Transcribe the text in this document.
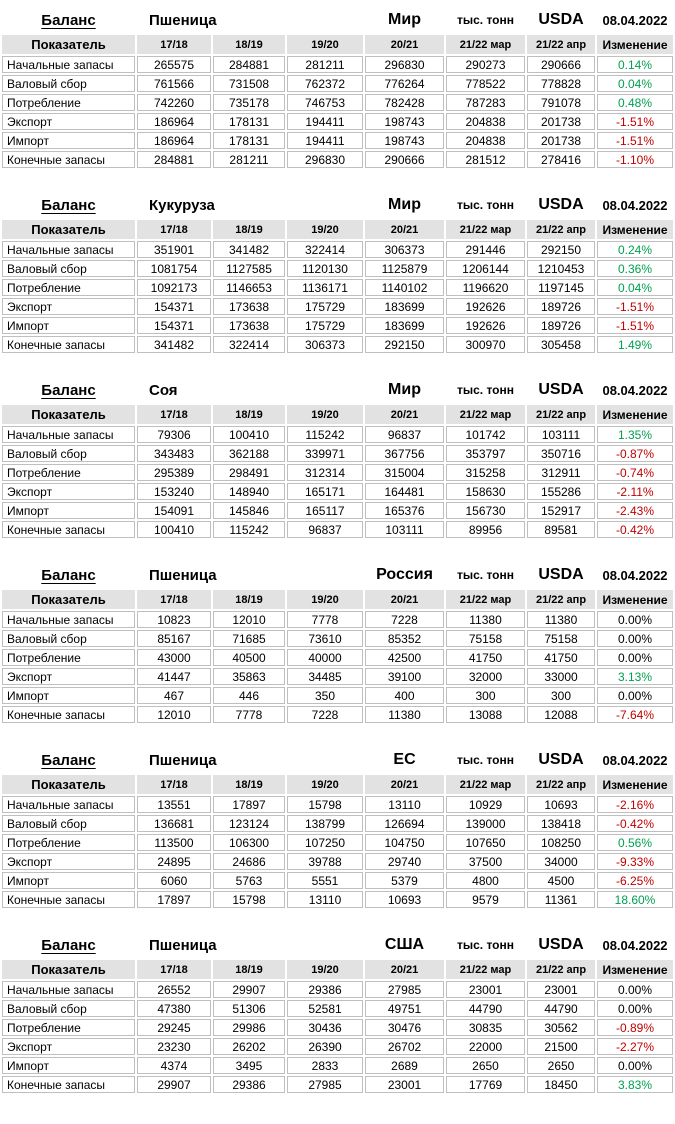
Баланс	Пшеница			Мир	тыс. тонн	USDA	08.04.2022
Показатель	17/18	18/19	19/20	20/21	21/22 мар	21/22 апр	Изменение
Начальные запасы	265575	284881	281211	296830	290273	290666	0.14%
Валовый сбор	761566	731508	762372	776264	778522	778828	0.04%
Потребление	742260	735178	746753	782428	787283	791078	0.48%
Экспорт	186964	178131	194411	198743	204838	201738	-1.51%
Импорт	186964	178131	194411	198743	204838	201738	-1.51%
Конечные запасы	284881	281211	296830	290666	281512	278416	-1.10%
Баланс	Кукуруза			Мир	тыс. тонн	USDA	08.04.2022
Показатель	17/18	18/19	19/20	20/21	21/22 мар	21/22 апр	Изменение
Начальные запасы	351901	341482	322414	306373	291446	292150	0.24%
Валовый сбор	1081754	1127585	1120130	1125879	1206144	1210453	0.36%
Потребление	1092173	1146653	1136171	1140102	1196620	1197145	0.04%
Экспорт	154371	173638	175729	183699	192626	189726	-1.51%
Импорт	154371	173638	175729	183699	192626	189726	-1.51%
Конечные запасы	341482	322414	306373	292150	300970	305458	1.49%
Баланс	Соя			Мир	тыс. тонн	USDA	08.04.2022
Показатель	17/18	18/19	19/20	20/21	21/22 мар	21/22 апр	Изменение
Начальные запасы	79306	100410	115242	96837	101742	103111	1.35%
Валовый сбор	343483	362188	339971	367756	353797	350716	-0.87%
Потребление	295389	298491	312314	315004	315258	312911	-0.74%
Экспорт	153240	148940	165171	164481	158630	155286	-2.11%
Импорт	154091	145846	165117	165376	156730	152917	-2.43%
Конечные запасы	100410	115242	96837	103111	89956	89581	-0.42%
Баланс	Пшеница			Россия	тыс. тонн	USDA	08.04.2022
Показатель	17/18	18/19	19/20	20/21	21/22 мар	21/22 апр	Изменение
Начальные запасы	10823	12010	7778	7228	11380	11380	0.00%
Валовый сбор	85167	71685	73610	85352	75158	75158	0.00%
Потребление	43000	40500	40000	42500	41750	41750	0.00%
Экспорт	41447	35863	34485	39100	32000	33000	3.13%
Импорт	467	446	350	400	300	300	0.00%
Конечные запасы	12010	7778	7228	11380	13088	12088	-7.64%
Баланс	Пшеница			ЕС	тыс. тонн	USDA	08.04.2022
Показатель	17/18	18/19	19/20	20/21	21/22 мар	21/22 апр	Изменение
Начальные запасы	13551	17897	15798	13110	10929	10693	-2.16%
Валовый сбор	136681	123124	138799	126694	139000	138418	-0.42%
Потребление	113500	106300	107250	104750	107650	108250	0.56%
Экспорт	24895	24686	39788	29740	37500	34000	-9.33%
Импорт	6060	5763	5551	5379	4800	4500	-6.25%
Конечные запасы	17897	15798	13110	10693	9579	11361	18.60%
Баланс	Пшеница			США	тыс. тонн	USDA	08.04.2022
Показатель	17/18	18/19	19/20	20/21	21/22 мар	21/22 апр	Изменение
Начальные запасы	26552	29907	29386	27985	23001	23001	0.00%
Валовый сбор	47380	51306	52581	49751	44790	44790	0.00%
Потребление	29245	29986	30436	30476	30835	30562	-0.89%
Экспорт	23230	26202	26390	26702	22000	21500	-2.27%
Импорт	4374	3495	2833	2689	2650	2650	0.00%
Конечные запасы	29907	29386	27985	23001	17769	18450	3.83%
